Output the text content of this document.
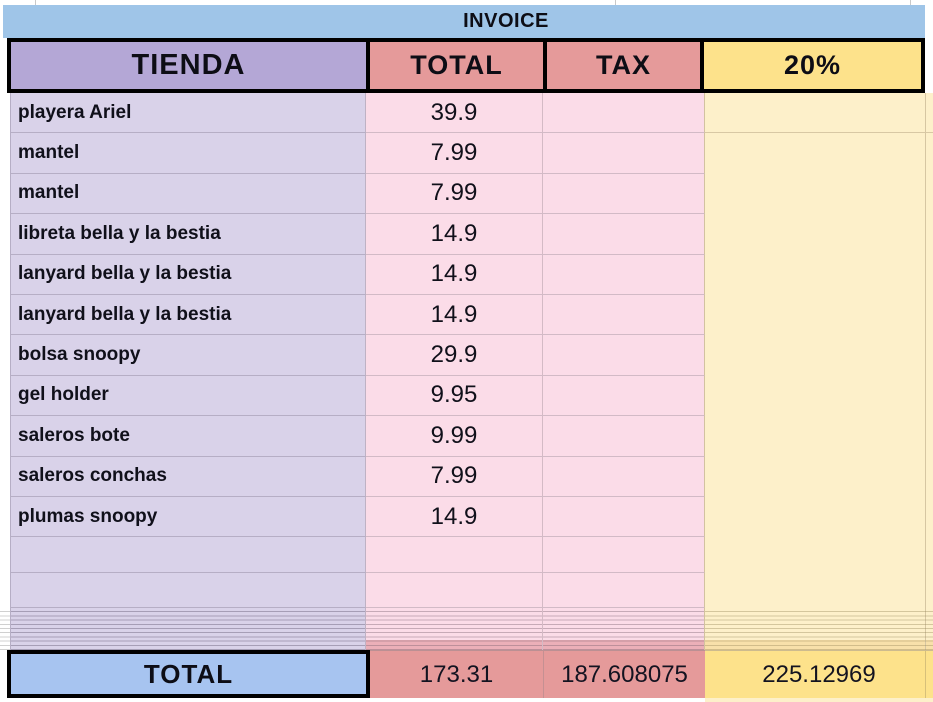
INVOICE
TIENDA	TOTAL	TAX	20%
playera Ariel	39.9
mantel	7.99
mantel	7.99
libreta bella y la bestia	14.9
lanyard bella y la bestia	14.9
lanyard bella y la bestia	14.9
bolsa snoopy	29.9
gel holder	9.95
saleros bote	9.99
saleros conchas	7.99
plumas snoopy	14.9
TOTAL	173.31	187.608075	225.12969
